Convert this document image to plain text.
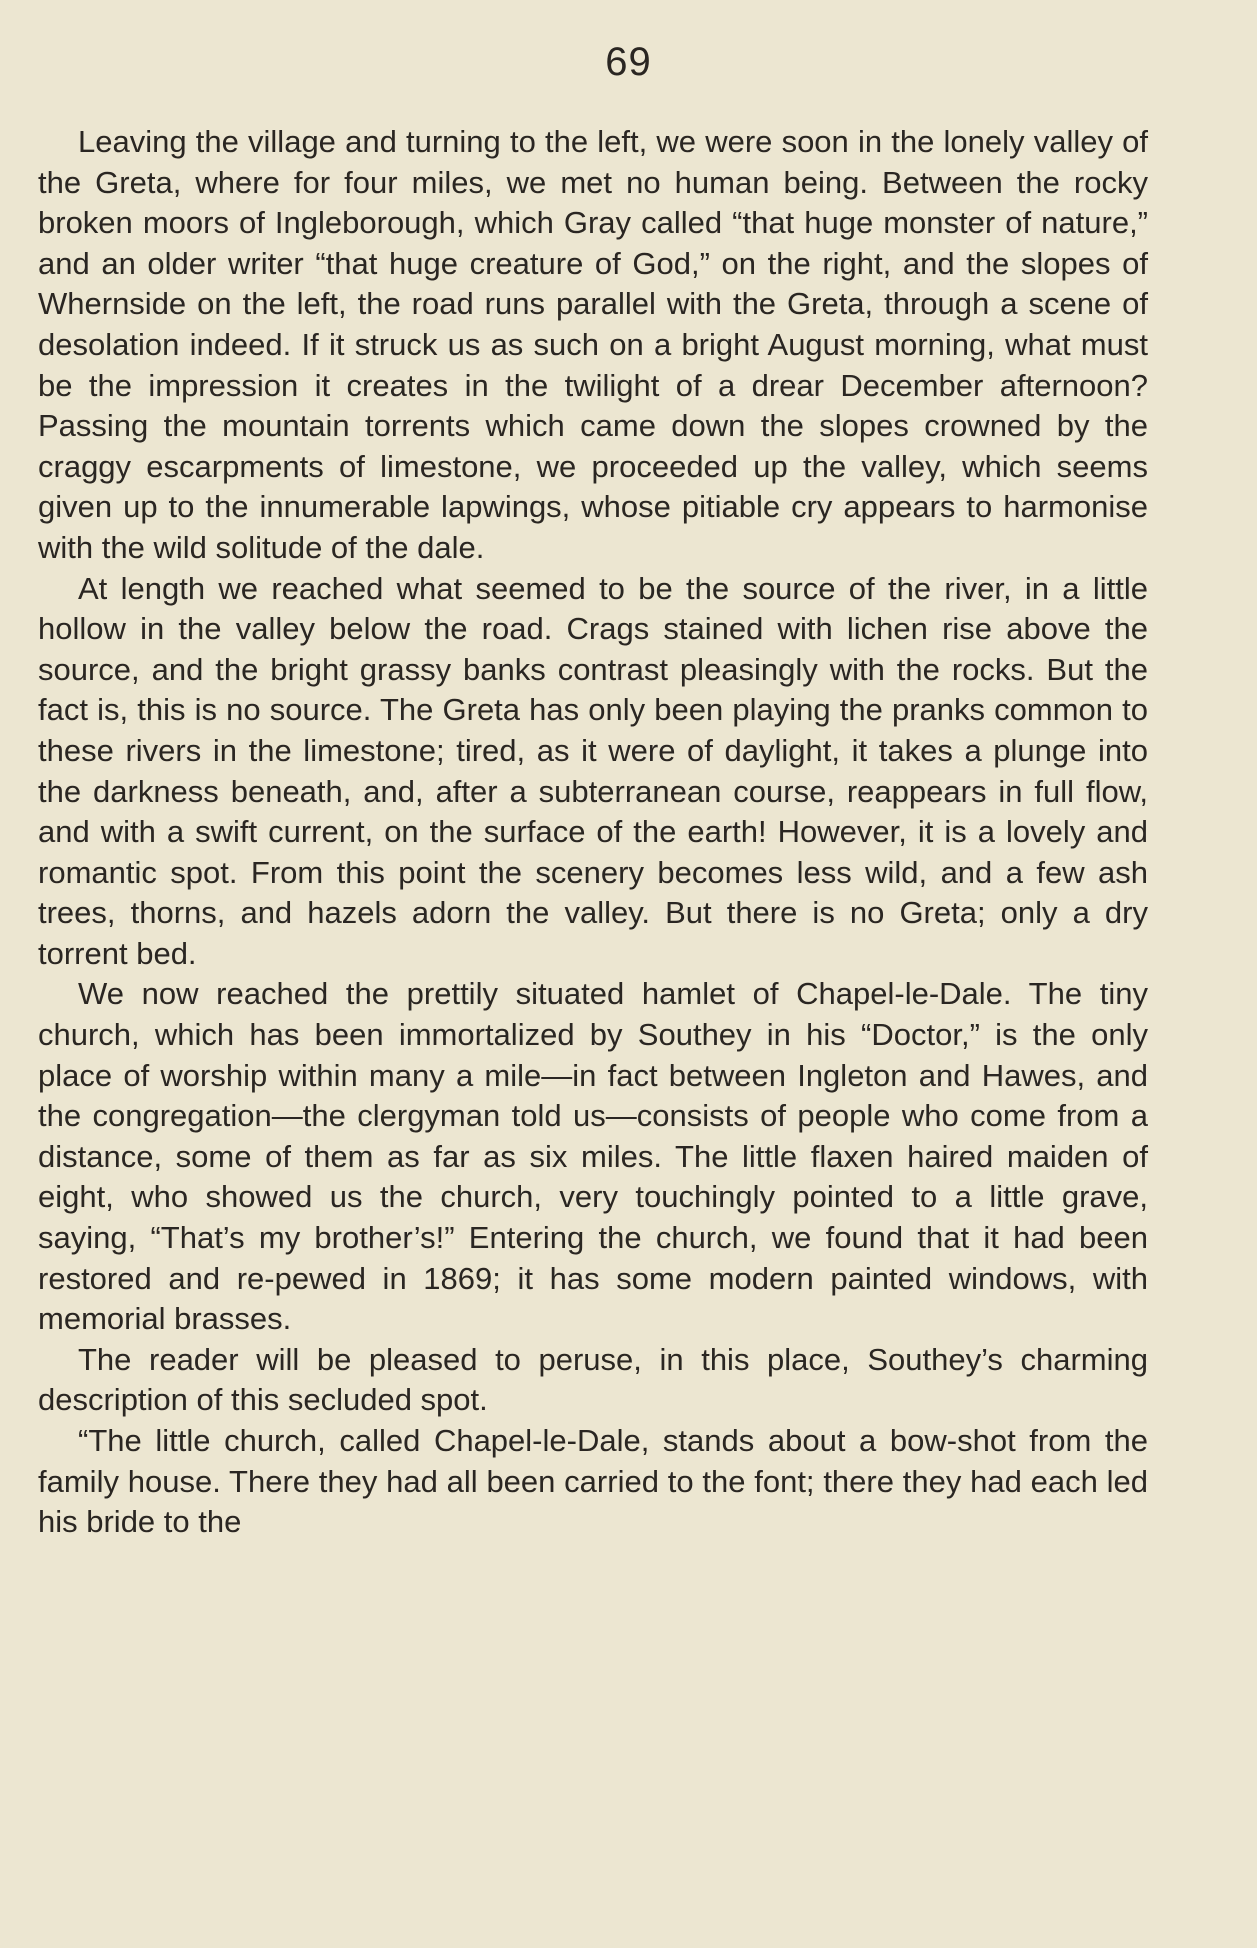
69

Leaving the village and turning to the left, we were soon in the lonely valley of the Greta, where for four miles, we met no human being. Between the rocky broken moors of Ingleborough, which Gray called “that huge monster of nature,” and an older writer “that huge creature of God,” on the right, and the slopes of Whernside on the left, the road runs parallel with the Greta, through a scene of desolation indeed. If it struck us as such on a bright August morning, what must be the impression it creates in the twilight of a drear December afternoon? Passing the mountain torrents which came down the slopes crowned by the craggy escarpments of limestone, we proceeded up the valley, which seems given up to the innumerable lapwings, whose pitiable cry appears to harmonise with the wild solitude of the dale.

At length we reached what seemed to be the source of the river, in a little hollow in the valley below the road. Crags stained with lichen rise above the source, and the bright grassy banks contrast pleasingly with the rocks. But the fact is, this is no source. The Greta has only been playing the pranks common to these rivers in the limestone; tired, as it were of daylight, it takes a plunge into the darkness beneath, and, after a subterranean course, reappears in full flow, and with a swift current, on the surface of the earth! However, it is a lovely and romantic spot. From this point the scenery becomes less wild, and a few ash trees, thorns, and hazels adorn the valley. But there is no Greta; only a dry torrent bed.

We now reached the prettily situated hamlet of Chapel-le-Dale. The tiny church, which has been immortalized by Southey in his “Doctor,” is the only place of worship within many a mile—in fact between Ingleton and Hawes, and the congregation—the clergyman told us—consists of people who come from a distance, some of them as far as six miles. The little flaxen haired maiden of eight, who showed us the church, very touchingly pointed to a little grave, saying, “That’s my brother’s!” Entering the church, we found that it had been restored and re-pewed in 1869; it has some modern painted windows, with memorial brasses.

The reader will be pleased to peruse, in this place, Southey’s charming description of this secluded spot.

“The little church, called Chapel-le-Dale, stands about a bow-shot from the family house. There they had all been carried to the font; there they had each led his bride to the
